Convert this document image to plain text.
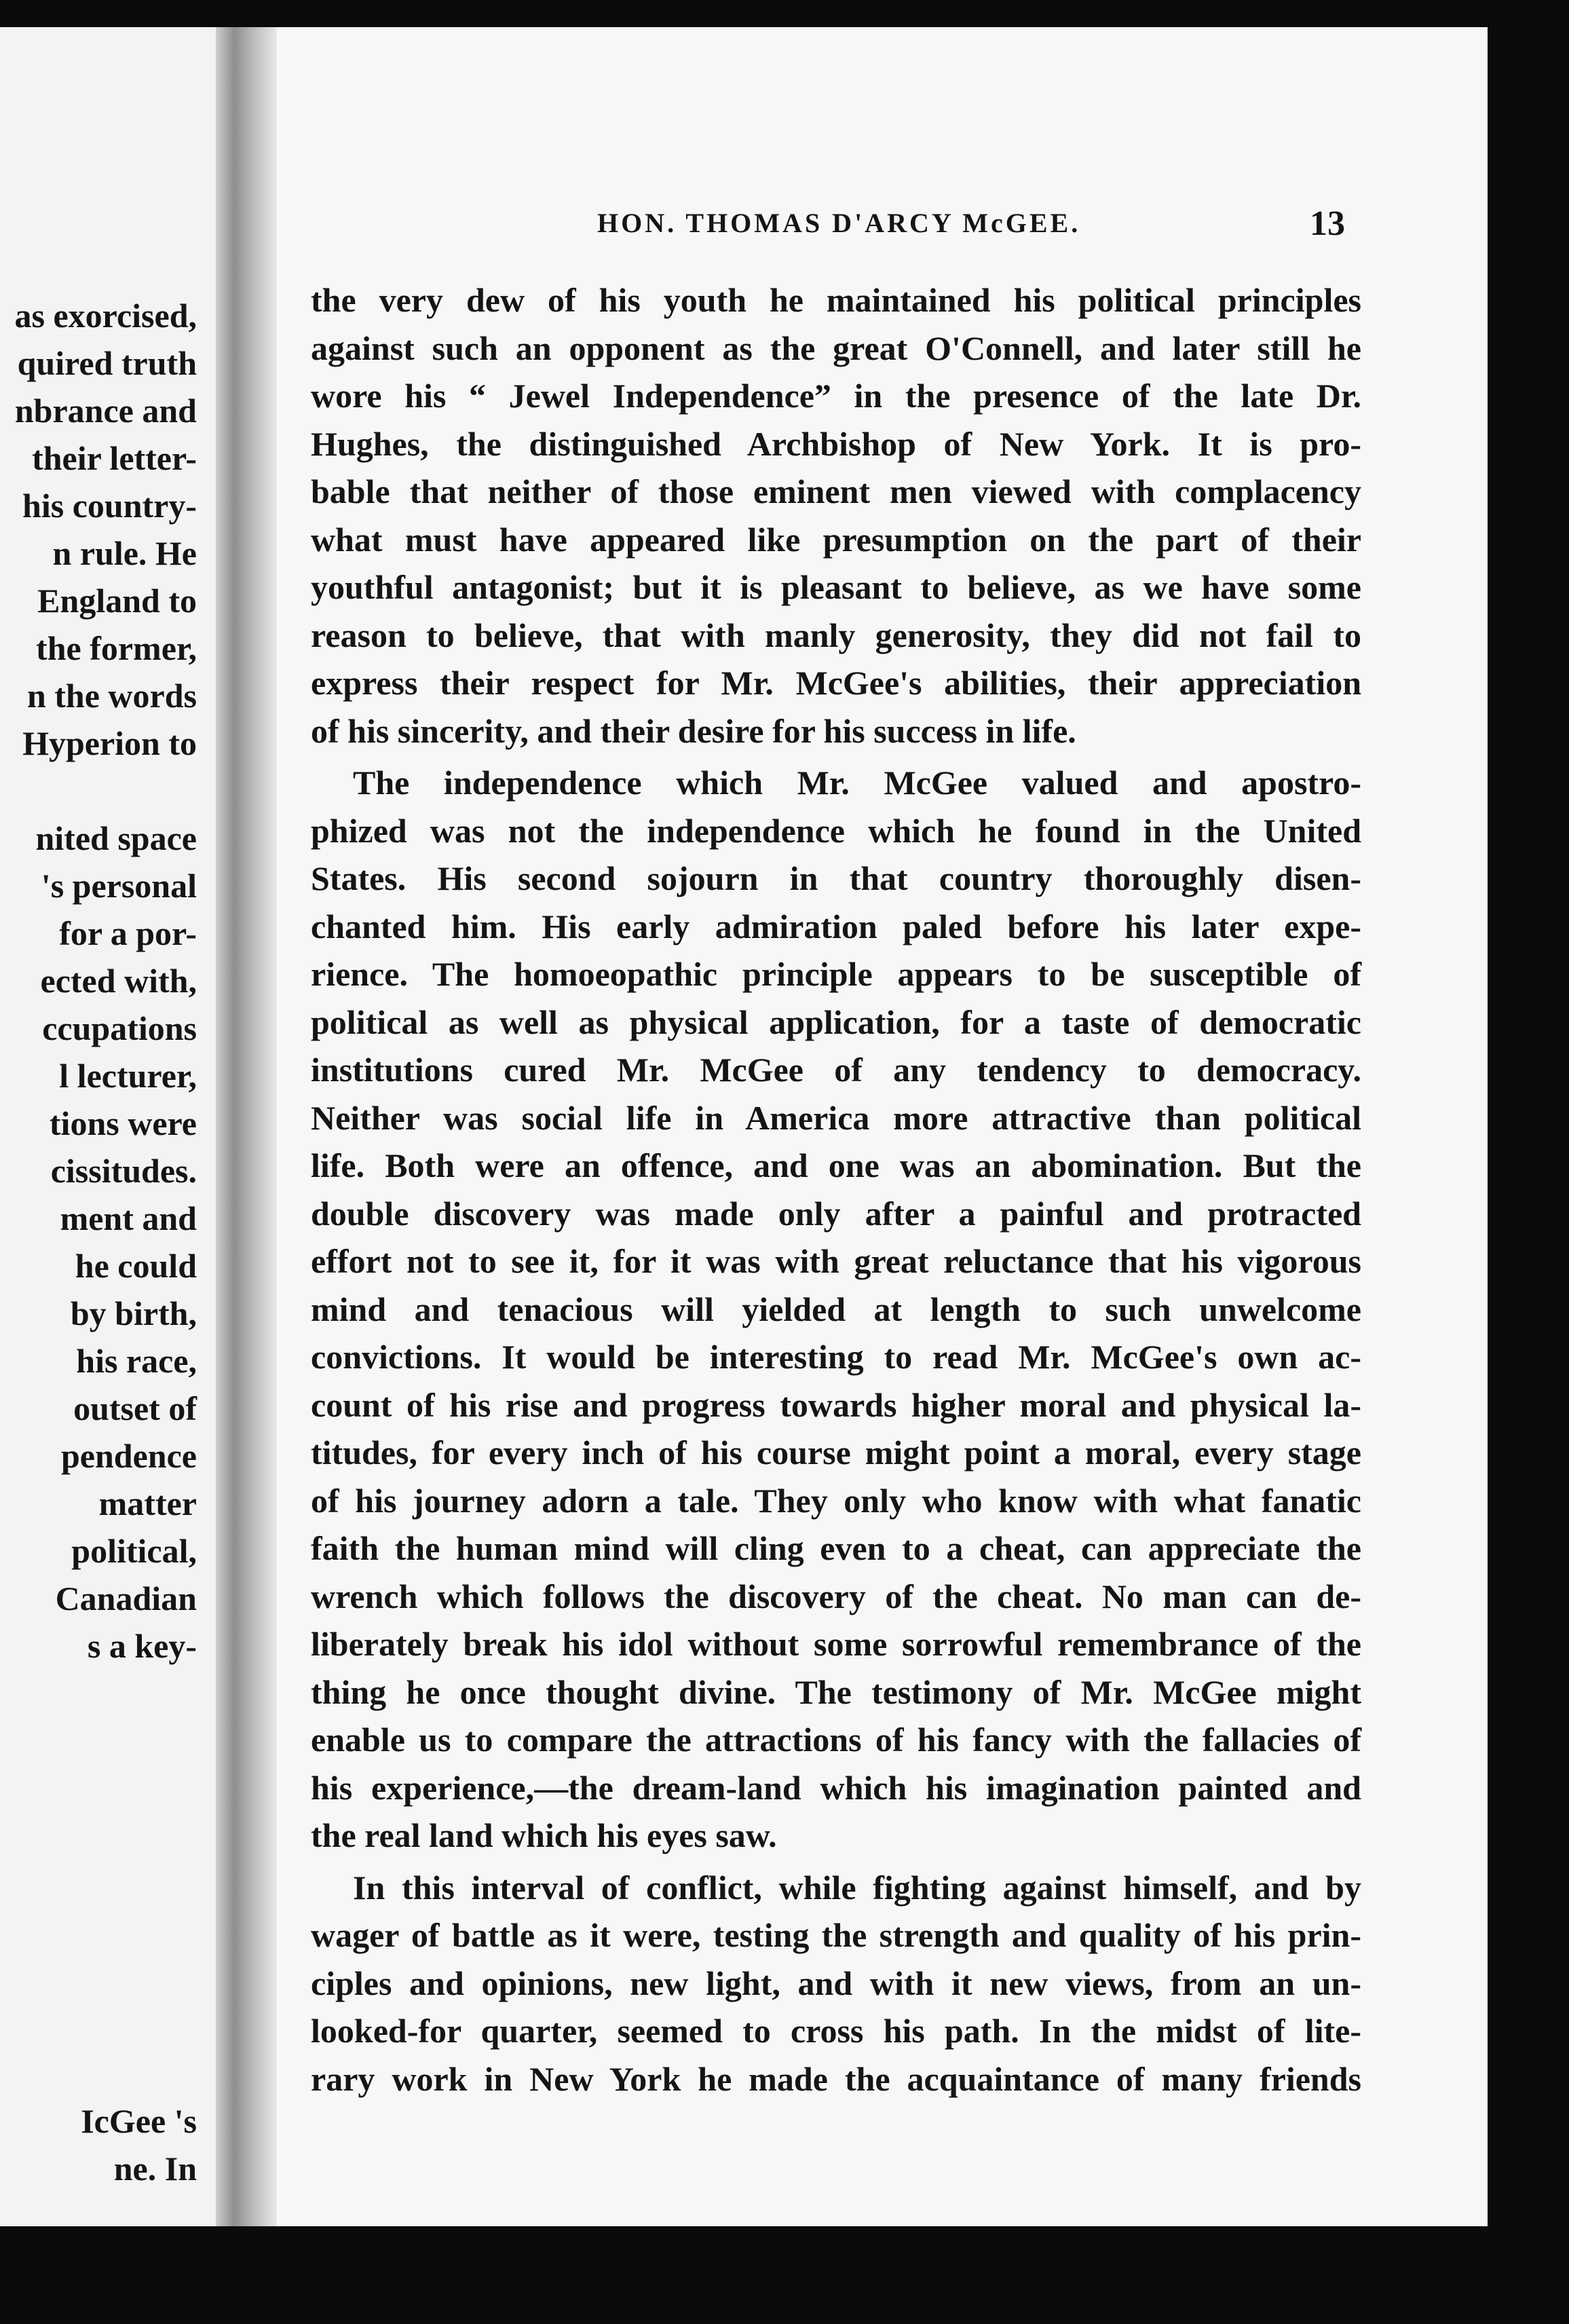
as exorcised,
quired truth
nbrance and
their letter-
his country-
n rule. He
England to
the former,
n the words
Hyperion to
nited space
's personal
for a por-
ected with,
ccupations
l lecturer,
tions were
cissitudes.
ment and
he could
by birth,
his race,
outset of
pendence
matter
political,
Canadian
s a key-
IcGee 's
ne. In
HON. THOMAS D'ARCY McGEE.	13
the very dew of his youth he maintained his political principles
against such an opponent as the great O'Connell, and later still he
wore his “ Jewel Independence” in the presence of the late Dr.
Hughes, the distinguished Archbishop of New York. It is pro-
bable that neither of those eminent men viewed with complacency
what must have appeared like presumption on the part of their
youthful antagonist; but it is pleasant to believe, as we have some
reason to believe, that with manly generosity, they did not fail to
express their respect for Mr. McGee's abilities, their appreciation
of his sincerity, and their desire for his success in life.
The independence which Mr. McGee valued and apostro-
phized was not the independence which he found in the United
States. His second sojourn in that country thoroughly disen-
chanted him. His early admiration paled before his later expe-
rience. The homoeopathic principle appears to be susceptible of
political as well as physical application, for a taste of democratic
institutions cured Mr. McGee of any tendency to democracy.
Neither was social life in America more attractive than political
life. Both were an offence, and one was an abomination. But the
double discovery was made only after a painful and protracted
effort not to see it, for it was with great reluctance that his vigorous
mind and tenacious will yielded at length to such unwelcome
convictions. It would be interesting to read Mr. McGee's own ac-
count of his rise and progress towards higher moral and physical la-
titudes, for every inch of his course might point a moral, every stage
of his journey adorn a tale. They only who know with what fanatic
faith the human mind will cling even to a cheat, can appreciate the
wrench which follows the discovery of the cheat. No man can de-
liberately break his idol without some sorrowful remembrance of the
thing he once thought divine. The testimony of Mr. McGee might
enable us to compare the attractions of his fancy with the fallacies of
his experience,—the dream-land which his imagination painted and
the real land which his eyes saw.
In this interval of conflict, while fighting against himself, and by
wager of battle as it were, testing the strength and quality of his prin-
ciples and opinions, new light, and with it new views, from an un-
looked-for quarter, seemed to cross his path. In the midst of lite-
rary work in New York he made the acquaintance of many friends
